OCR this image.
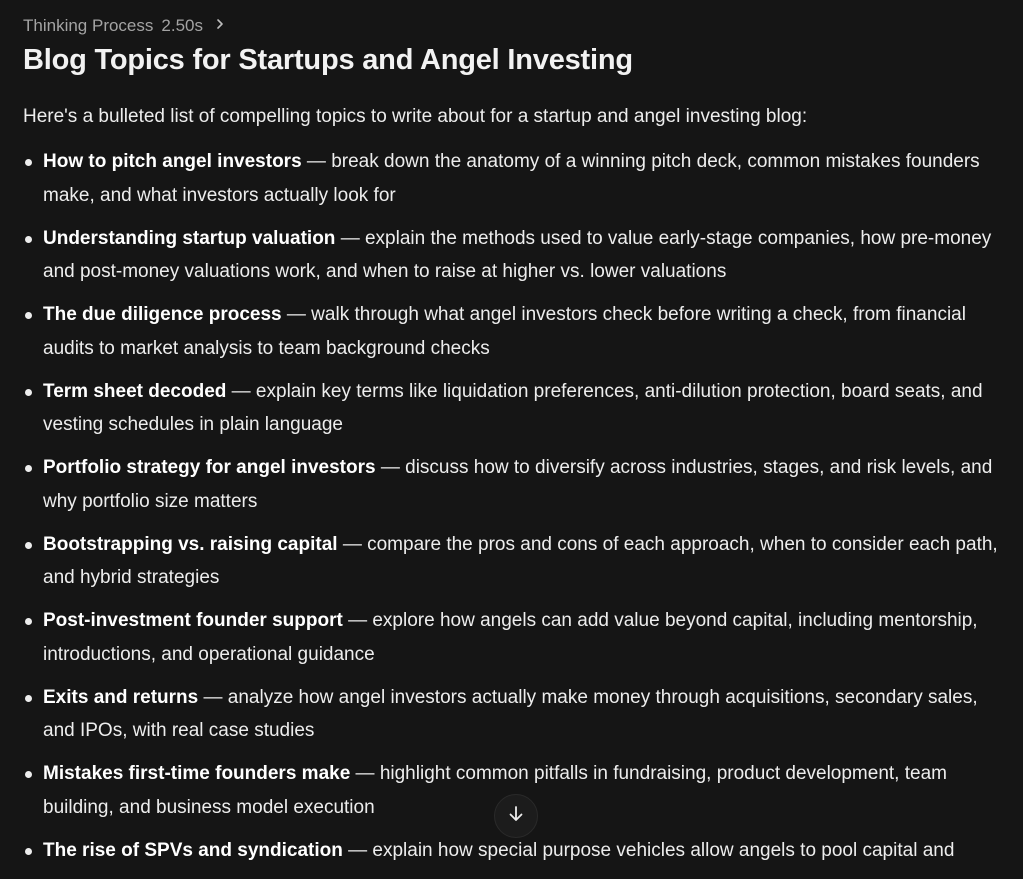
Thinking Process 2.50s
Blog Topics for Startups and Angel Investing

Here's a bulleted list of compelling topics to write about for a startup and angel investing blog:

How to pitch angel investors — break down the anatomy of a winning pitch deck, common mistakes founders make, and what investors actually look for
Understanding startup valuation — explain the methods used to value early-stage companies, how pre-money and post-money valuations work, and when to raise at higher vs. lower valuations
The due diligence process — walk through what angel investors check before writing a check, from financial audits to market analysis to team background checks
Term sheet decoded — explain key terms like liquidation preferences, anti-dilution protection, board seats, and vesting schedules in plain language
Portfolio strategy for angel investors — discuss how to diversify across industries, stages, and risk levels, and why portfolio size matters
Bootstrapping vs. raising capital — compare the pros and cons of each approach, when to consider each path, and hybrid strategies
Post-investment founder support — explore how angels can add value beyond capital, including mentorship, introductions, and operational guidance
Exits and returns — analyze how angel investors actually make money through acquisitions, secondary sales, and IPOs, with real case studies
Mistakes first-time founders make — highlight common pitfalls in fundraising, product development, team building, and business model execution
The rise of SPVs and syndication — explain how special purpose vehicles allow angels to pool capital and
